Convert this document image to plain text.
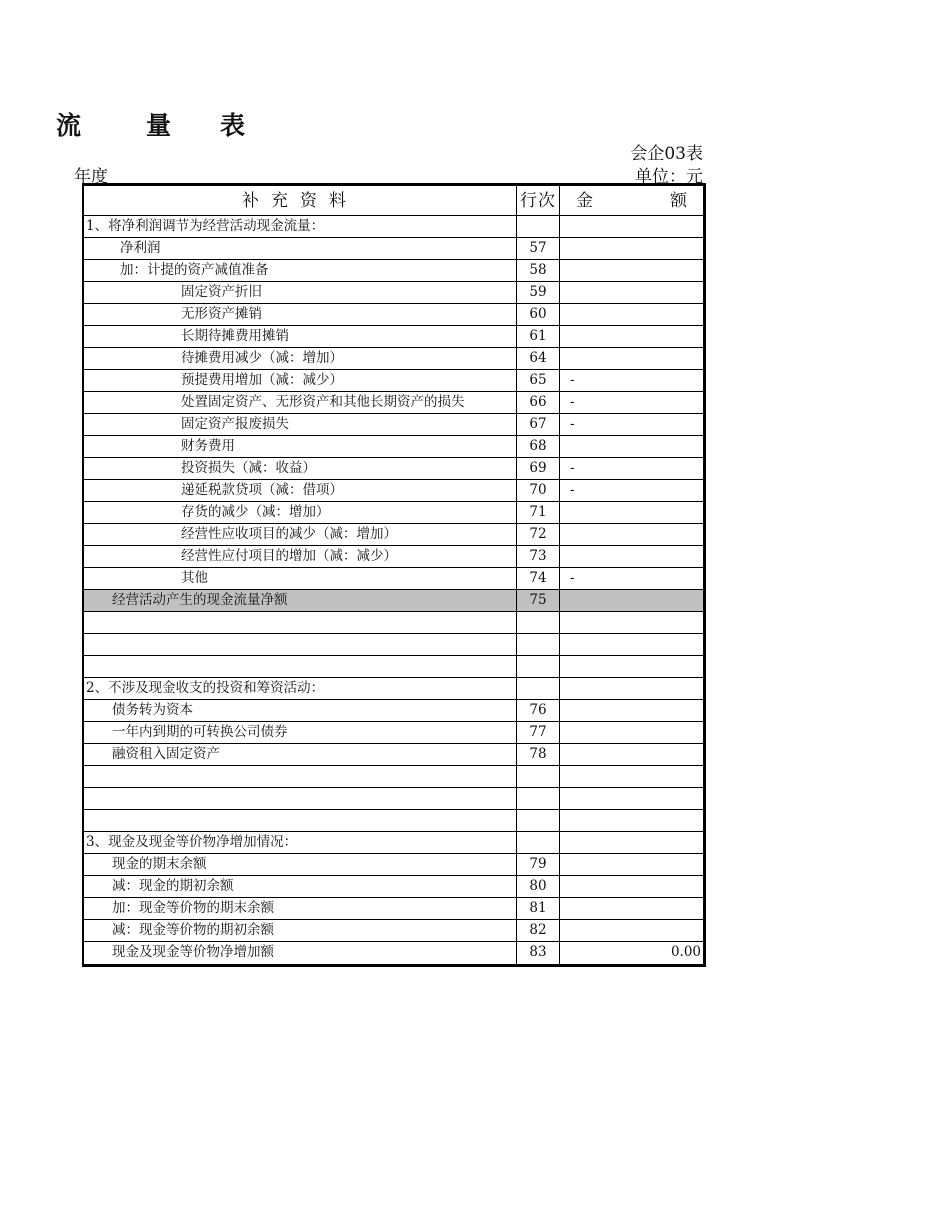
流	量 表
会企03表
年度	单位：元
补充资料	行次 金	额
1、将净利润调节为经营活动现金流量：
净利润	57
加：计提的资产减值准备	58
固定资产折旧	59
无形资产摊销	60
长期待摊费用摊销	61
待摊费用减少（减：增加）	64
预提费用增加（减：减少）	65	-
处置固定资产、无形资产和其他长期资产的损失	66	-
固定资产报废损失	67	-
财务费用	68
投资损失（减：收益）	69	-
递延税款贷项（减：借项）	70	-
存货的减少（减：增加）	71
经营性应收项目的减少（减：增加）	72
经营性应付项目的增加（减：减少）	73
其他	74	-
经营活动产生的现金流量净额	75
2、不涉及现金收支的投资和筹资活动：
债务转为资本	76
一年内到期的可转换公司债券	77
融资租入固定资产	78
3、现金及现金等价物净增加情况：
现金的期末余额	79
减：现金的期初余额	80
加：现金等价物的期末余额	81
减：现金等价物的期初余额	82
现金及现金等价物净增加额	83	0.00
